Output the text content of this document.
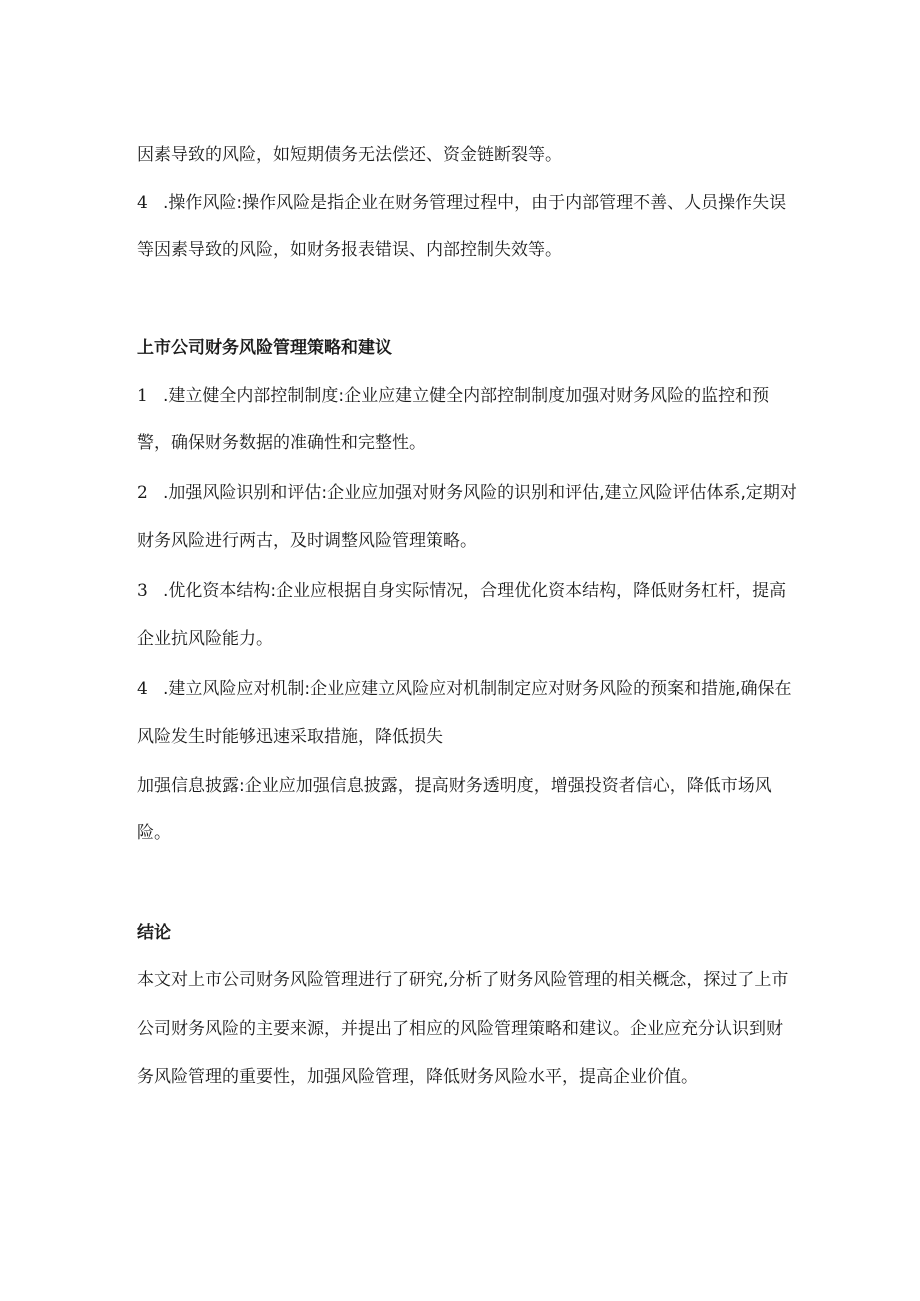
因素导致的风险，如短期债务无法偿还、资金链断裂等。
4 .操作风险:操作风险是指企业在财务管理过程中，由于内部管理不善、人员操作失误
等因素导致的风险，如财务报表错误、内部控制失效等。
上市公司财务风险管理策略和建议
1 .建立健全内部控制制度:企业应建立健全内部控制制度加强对财务风险的监控和预
警，确保财务数据的准确性和完整性。
2 .加强风险识别和评估:企业应加强对财务风险的识别和评估,建立风险评估体系,定期对
财务风险进行两古，及时调整风险管理策略。
3 .优化资本结构:企业应根据自身实际情况，合理优化资本结构，降低财务杠杆，提高
企业抗风险能力。
4 .建立风险应对机制:企业应建立风险应对机制制定应对财务风险的预案和措施,确保在
风险发生时能够迅速采取措施，降低损失
加强信息披露:企业应加强信息披露，提高财务透明度，增强投资者信心，降低市场风
险。
结论
本文对上市公司财务风险管理进行了研究,分析了财务风险管理的相关概念，探过了上市
公司财务风险的主要来源，并提出了相应的风险管理策略和建议。企业应充分认识到财
务风险管理的重要性，加强风险管理，降低财务风险水平，提高企业价值。
